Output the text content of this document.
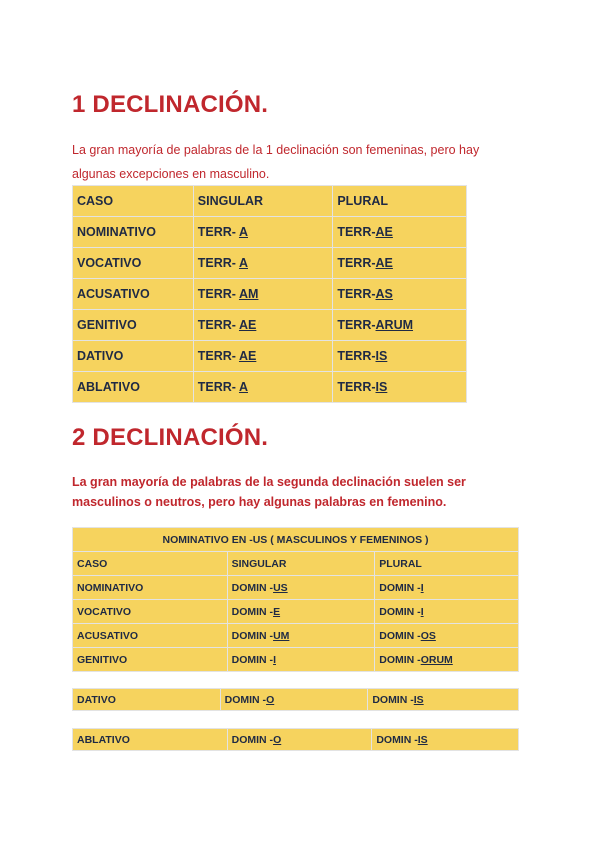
1 DECLINACIÓN.
La gran mayoría de palabras de la 1 declinación son femeninas, pero hay
algunas excepciones en masculino.
CASO	SINGULAR	PLURAL
NOMINATIVO	TERR- A	TERR-AE
VOCATIVO	TERR- A	TERR-AE
ACUSATIVO	TERR- AM	TERR-AS
GENITIVO	TERR- AE	TERR-ARUM
DATIVO	TERR- AE	TERR-IS
ABLATIVO	TERR- A	TERR-IS
2 DECLINACIÓN.
La gran mayoría de palabras de la segunda declinación suelen ser
masculinos o neutros, pero hay algunas palabras en femenino.
NOMINATIVO EN -US ( MASCULINOS Y FEMENINOS )		
CASO	SINGULAR	PLURAL
NOMINATIVO	DOMIN -US	DOMIN -I
VOCATIVO	DOMIN -E	DOMIN -I
ACUSATIVO	DOMIN -UM	DOMIN -OS
GENITIVO	DOMIN -I	DOMIN -ORUM
DATIVO	DOMIN -O	DOMIN -IS
ABLATIVO	DOMIN -O	DOMIN -IS
